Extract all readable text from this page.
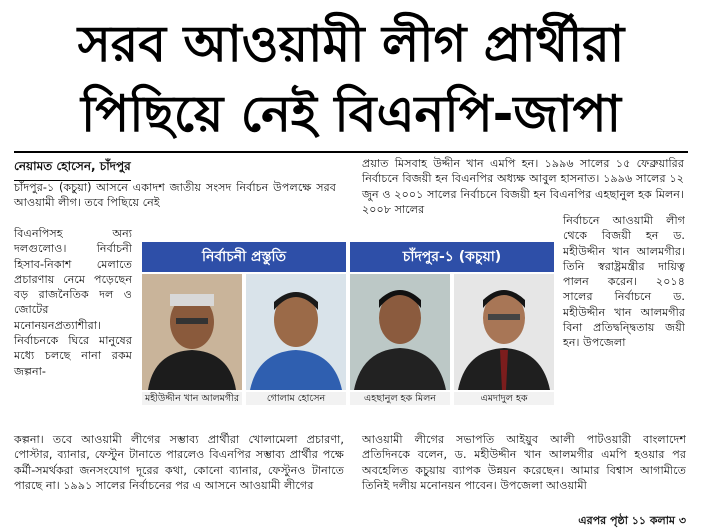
সরব আওয়ামী লীগ প্রার্থীরা
পিছিয়ে নেই বিএনপি-জাপা
নেয়ামত হোসেন, চাঁদপুর

চাঁদপুর-১ (কচুয়া) আসনে একাদশ জাতীয় সংসদ নির্বাচন উপলক্ষে সরব আওয়ামী লীগ। তবে পিছিয়ে নেই

বিএনপিসহ অন্য দলগুলোও। নির্বাচনী হিসাব-নিকাশ মেলাতে প্রচারণায় নেমে পড়েছেন বড় রাজনৈতিক দল ও জোটের মনোনয়নপ্রত্যাশীরা। নির্বাচনকে ঘিরে মানুষের মধ্যে চলছে নানা রকম জল্পনা-

প্রয়াত মিসবাহ উদ্দীন খান এমপি হন। ১৯৯৬ সালের ১৫ ফেব্রুয়ারির নির্বাচনে বিজয়ী হন বিএনপির অধ্যক্ষ আবুল হাসনাত। ১৯৯৬ সালের ১২ জুন ও ২০০১ সালের নির্বাচনে বিজয়ী হন বিএনপির এহছানুল হক মিলন। ২০০৮ সালের

নির্বাচনে আওয়ামী লীগ থেকে বিজয়ী হন ড. মহীউদ্দীন খান আলমগীর। তিনি স্বরাষ্ট্রমন্ত্রীর দায়িত্ব পালন করেন। ২০১৪ সালের নির্বাচনে ড. মহীউদ্দীন খান আলমগীর বিনা প্রতিদ্বন্দ্বিতায় জয়ী হন। উপজেলা
নির্বাচনী প্রস্তুতি	চাঁদপুর-১ (কচুয়া)
মহীউদ্দীন খান আলমগীর	গোলাম হোসেন	এহছানুল হক মিলন	এমদাদুল হক
কল্পনা। তবে আওয়ামী লীগের সম্ভাব্য প্রার্থীরা খোলামেলা প্রচারণা, পোস্টার, ব্যানার, ফেস্টুন টানাতে পারলেও বিএনপির সম্ভাব্য প্রার্থীর পক্ষে কর্মী-সমর্থকরা জনসংযোগ দূরের কথা, কোনো ব্যানার, ফেস্টুনও টানাতে পারছে না। ১৯৯১ সালের নির্বাচনের পর এ আসনে আওয়ামী লীগের
আওয়ামী লীগের সভাপতি আইয়ুব আলী পাটওয়ারী বাংলাদেশ প্রতিদিনকে বলেন, ড. মহীউদ্দীন খান আলমগীর এমপি হওয়ার পর অবহেলিত কচুয়ায় ব্যাপক উন্নয়ন করেছেন। আমার বিশ্বাস আগামীতে তিনিই দলীয় মনোনয়ন পাবেন। উপজেলা আওয়ামী
এরপর পৃষ্ঠা ১১ কলাম ৩
